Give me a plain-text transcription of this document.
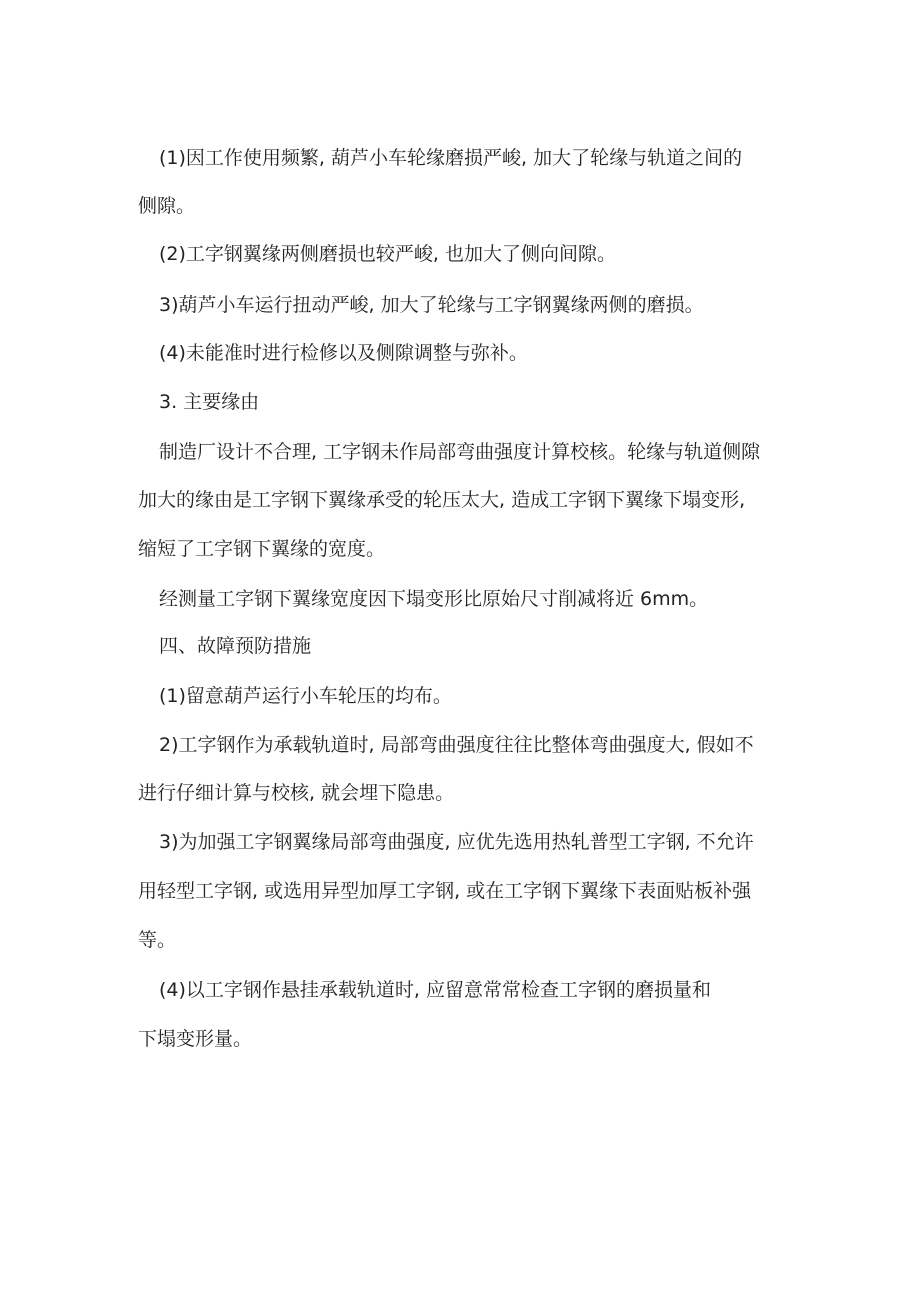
(1)因工作使用频繁, 葫芦小车轮缘磨损严峻, 加大了轮缘与轨道之间的
侧隙。
(2)工字钢翼缘两侧磨损也较严峻, 也加大了侧向间隙。
3)葫芦小车运行扭动严峻, 加大了轮缘与工字钢翼缘两侧的磨损。
(4)未能准时进行检修以及侧隙调整与弥补。
3. 主要缘由
制造厂设计不合理, 工字钢未作局部弯曲强度计算校核。轮缘与轨道侧隙
加大的缘由是工字钢下翼缘承受的轮压太大, 造成工字钢下翼缘下塌变形,
缩短了工字钢下翼缘的宽度。
经测量工字钢下翼缘宽度因下塌变形比原始尺寸削减将近 6mm。
四、故障预防措施
(1)留意葫芦运行小车轮压的均布。
2)工字钢作为承载轨道时, 局部弯曲强度往往比整体弯曲强度大, 假如不
进行仔细计算与校核, 就会埋下隐患。
3)为加强工字钢翼缘局部弯曲强度, 应优先选用热轧普型工字钢, 不允许
用轻型工字钢, 或选用异型加厚工字钢, 或在工字钢下翼缘下表面贴板补强
等。
(4)以工字钢作悬挂承载轨道时, 应留意常常检查工字钢的磨损量和
下塌变形量。
